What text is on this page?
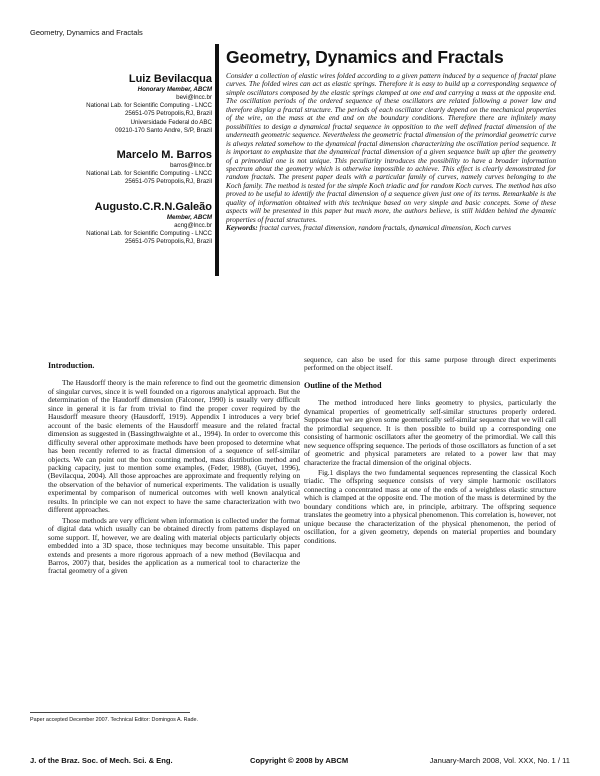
Geometry, Dynamics and Fractals
Luiz Bevilacqua
Honorary Member, ABCM
bevi@lncc.br
National Lab. for Scientific Computing - LNCC
25651-075 Petropolis,RJ, Brazil
Universidade Federal do ABC
09210-170 Santo Andre, S/P, Brazil
Marcelo M. Barros
barros@lncc.br
National Lab. for Scientific Computing - LNCC
25651-075 Petropolis,RJ, Brazil
Augusto.C.R.N.Galeão
Member, ABCM
acng@lncc.br
National Lab. for Scientific Computing - LNCC
25651-075 Petropolis,RJ, Brazil
Geometry, Dynamics and Fractals
Consider a collection of elastic wires folded according to a given pattern induced by a sequence of fractal plane curves. The folded wires can act as elastic springs. Therefore it is easy to build up a corresponding sequence of simple oscillators composed by the elastic springs clamped at one end and carrying a mass at the opposite end. The oscillation periods of the ordered sequence of these oscillators are related following a power law and therefore display a fractal structure. The periods of each oscillator clearly depend on the mechanical properties of the wire, on the mass at the end and on the boundary conditions. Therefore there are infinitely many possibilities to design a dynamical fractal sequence in opposition to the well defined fractal dimension of the underneath geometric sequence. Nevertheless the geometric fractal dimension of the primordial geometric curve is always related somehow to the dynamical fractal dimension characterizing the oscillation period sequence. It is important to emphasize that the dynamical fractal dimension of a given sequence built up after the geometry of a primordial one is not unique. This peculiarity introduces the possibility to have a broader information spectrum about the geometry which is otherwise impossible to achieve. This effect is clearly demonstrated for random fractals. The present paper deals with a particular family of curves, namely curves belonging to the Koch family. The method is tested for the simple Koch triadic and for random Koch curves. The method has also proved to be useful to identify the fractal dimension of a sequence given just one of its terms. Remarkable is the quality of information obtained with this technique based on very simple and basic concepts. Some of these aspects will be presented in this paper but much more, the authors believe, is still hidden behind the dynamic properties of fractal structures.
Keywords: fractal curves, fractal dimension, random fractals, dynamical dimension, Koch curves
Introduction.

The Hausdorff theory is the main reference to find out the geometric dimension of singular curves, since it is well founded on a rigorous analytical approach. But the determination of the Haudorff dimension (Falconer, 1990) is usually very difficult since in general it is far from trivial to find the proper cover required by the Hausdorff measure theory (Hausdorff, 1919). Appendix I introduces a very brief account of the basic elements of the Hausdorff measure and the related fractal dimension as suggested in (Bassingthwaighte et al., 1994). In order to overcome this difficulty several other approximate methods have been proposed to determine what has been recently referred to as fractal dimension of a sequence of self-similar objects. We can point out the box counting method, mass distribution method and packing capacity, just to mention some examples, (Feder, 1988), (Guyet, 1996), (Bevilacqua, 2004). All those approaches are approximate and frequently relying on the observation of the behavior of numerical experiments. The validation is usually experimental by comparison of numerical outcomes with well known analytical results. In principle we can not expect to have the same characterization with two different approaches.

Those methods are very efficient when information is collected under the format of digital data which usually can be obtained directly from patterns displayed on some support. If, however, we are dealing with material objects particularly objects embedded into a 3D space, those techniques may become unsuitable. This paper extends and presents a more rigorous approach of a new method (Bevilacqua and Barros, 2007) that, besides the application as a numerical tool to characterize the fractal geometry of a given

sequence, can also be used for this same purpose through direct experiments performed on the object itself.

Outline of the Method

The method introduced here links geometry to physics, particularly the dynamical properties of geometrically self-similar structures properly ordered. Suppose that we are given some geometrically self-similar sequence that we will call the primordial sequence. It is then possible to build up a corresponding one consisting of harmonic oscillators after the geometry of the primordial. We call this new sequence offspring sequence. The periods of those oscillators as function of a set of geometric and physical parameters are related to a power law that may characterize the fractal dimension of the original objects.

Fig.1 displays the two fundamental sequences representing the classical Koch triadic. The offspring sequence consists of very simple harmonic oscillators connecting a concentrated mass at one of the ends of a weightless elastic structure which is clamped at the opposite end. The motion of the mass is determined by the boundary conditions which are, in principle, arbitrary. The offspring sequence translates the geometry into a physical phenomenon. This correlation is, however, not unique because the characterization of the physical phenomenon, the period of oscillation, for a given geometry, depends on material properties and boundary conditions.

Paper accepted December 2007. Technical Editor: Domingos A. Rade.
J. of the Braz. Soc. of Mech. Sci. & Eng.	Copyright © 2008 by ABCM	January-March 2008, Vol. XXX, No. 1 / 11
